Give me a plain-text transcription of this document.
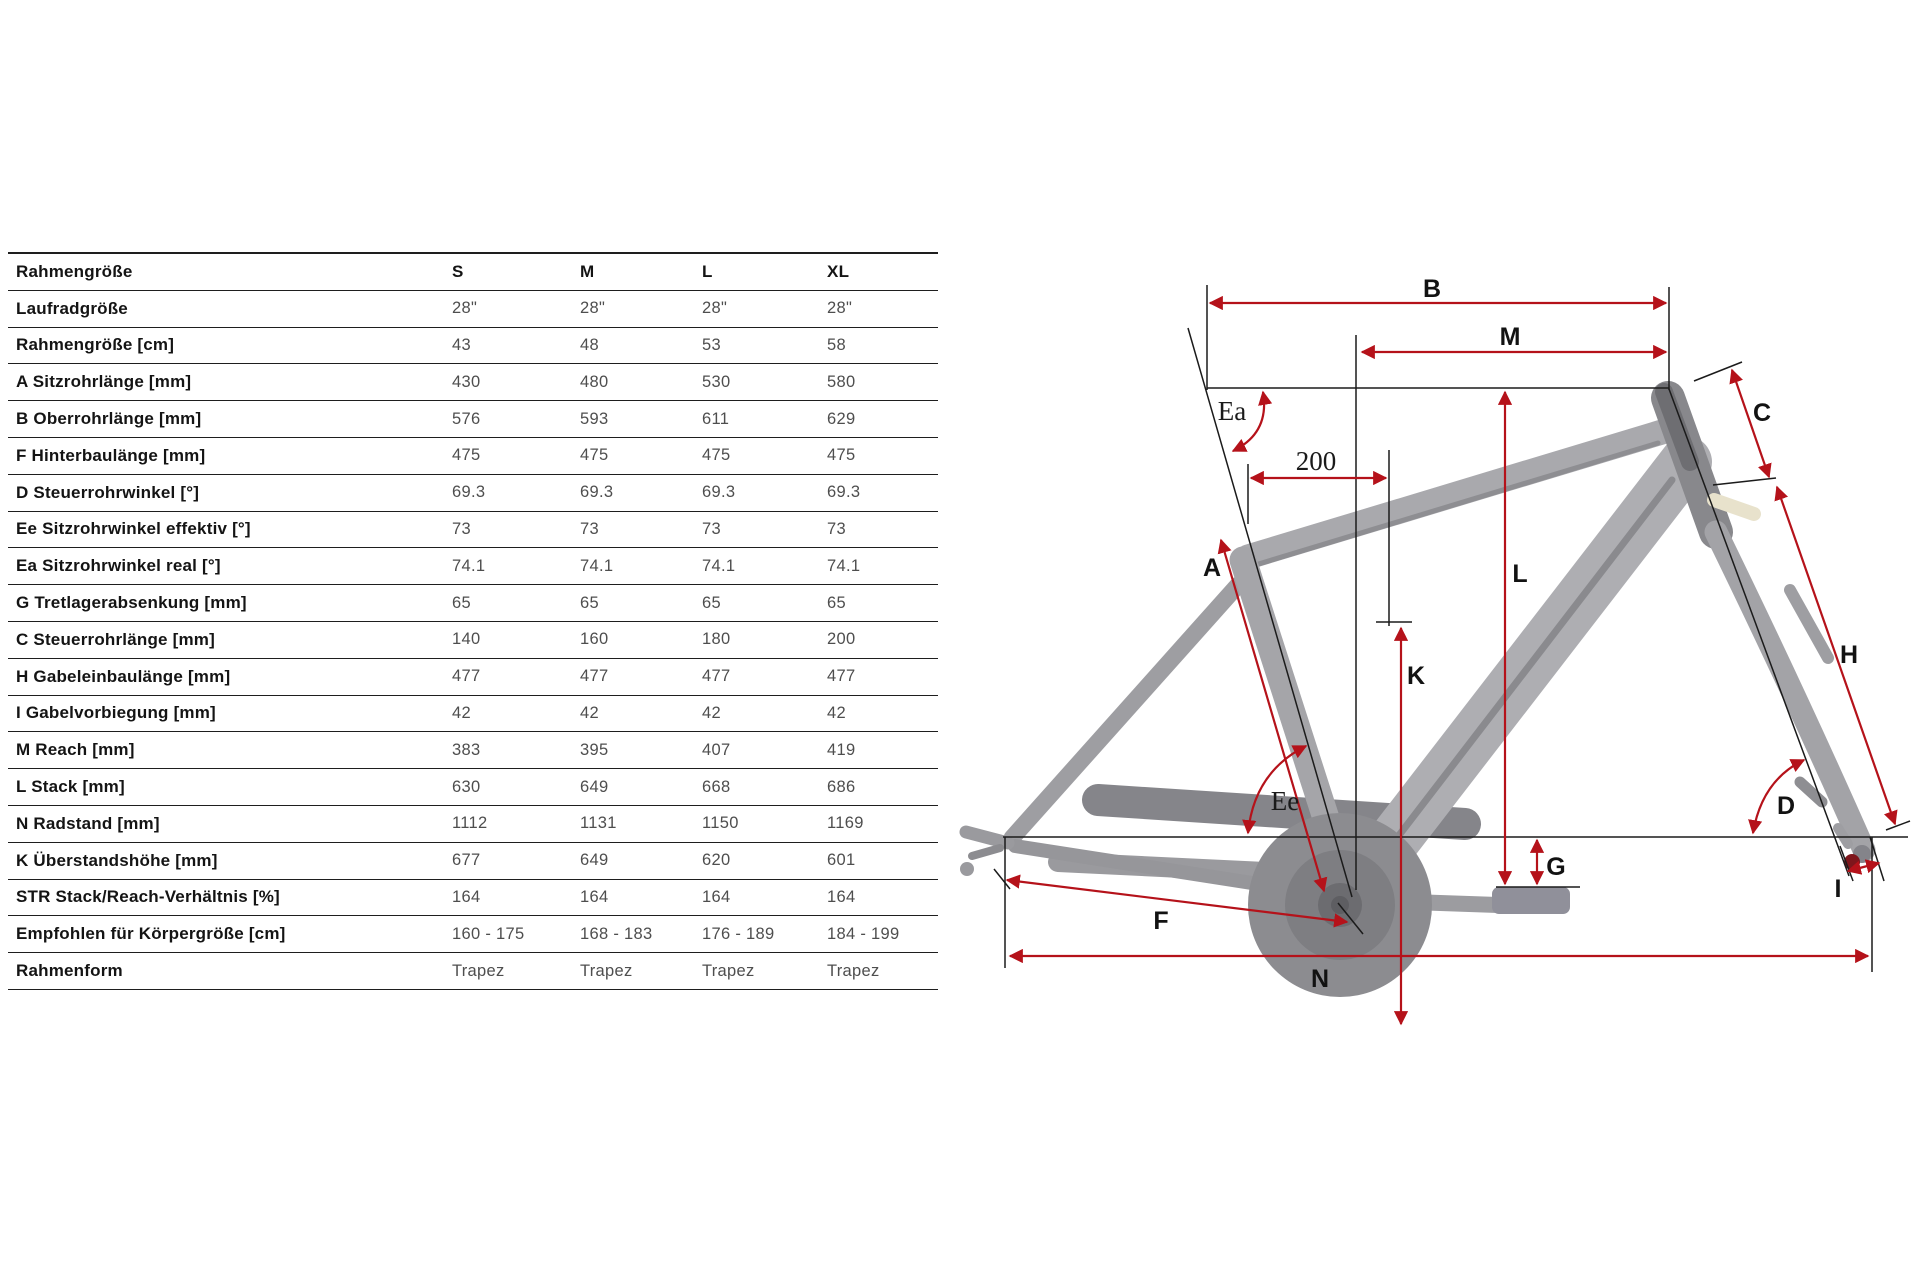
Rahmengröße	S	M	L	XL
Laufradgröße	28"	28"	28"	28"
Rahmengröße [cm]	43	48	53	58
A Sitzrohrlänge [mm]	430	480	530	580
B Oberrohrlänge [mm]	576	593	611	629
F Hinterbaulänge [mm]	475	475	475	475
D Steuerrohrwinkel [°]	69.3	69.3	69.3	69.3
Ee Sitzrohrwinkel effektiv [°]	73	73	73	73
Ea Sitzrohrwinkel real [°]	74.1	74.1	74.1	74.1
G Tretlagerabsenkung [mm]	65	65	65	65
C Steuerrohrlänge [mm]	140	160	180	200
H Gabeleinbaulänge [mm]	477	477	477	477
I Gabelvorbiegung [mm]	42	42	42	42
M Reach [mm]	383	395	407	419
L Stack [mm]	630	649	668	686
N Radstand [mm]	1112	1131	1150	1169
K Überstandshöhe [mm]	677	649	620	601
STR Stack/Reach-Verhältnis [%]	164	164	164	164
Empfohlen für Körpergröße [cm]	160 - 175	168 - 183	176 - 189	184 - 199
Rahmenform	Trapez	Trapez	Trapez	Trapez
B
M
C
A	L
K
H
D
G
F
N
I
Ea
Ee
200
